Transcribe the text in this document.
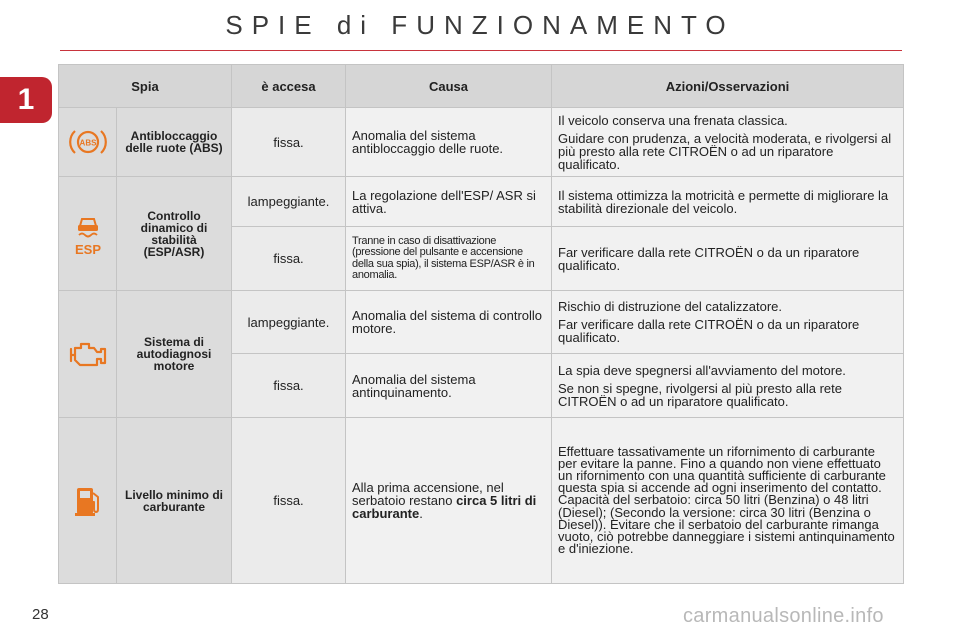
SPIE di FUNZIONAMENTO
1	Spia		è accesa	Causa	Azioni/Osservazioni

ABS	Antibloccaggio delle ruote (ABS)	fissa.	Anomalia del sistema antibloccaggio delle ruote.	Il veicolo conserva una frenata classica.

Guidare con prudenza, a velocità moderata, e rivolgersi al più presto alla rete CITROËN o ad un riparatore qualificato.

ESP	Controllo dinamico di stabilità (ESP/ASR)	lampeggiante.	La regolazione dell'ESP/ ASR si attiva.	Il sistema ottimizza la motricità e permette di migliorare la stabilità direzionale del veicolo.

		fissa.	Tranne in caso di disattivazione (pressione del pulsante e accensione della sua spia), il sistema ESP/ASR è in anomalia.	Far verificare dalla rete CITROËN o da un riparatore qualificato.

	Sistema di autodiagnosi motore	lampeggiante.	Anomalia del sistema di controllo motore.	Rischio di distruzione del catalizzatore.

Far verificare dalla rete CITROËN o da un riparatore qualificato.

		fissa.	Anomalia del sistema antinquinamento.	La spia deve spegnersi all'avviamento del motore.

Se non si spegne, rivolgersi al più presto alla rete CITROËN o ad un riparatore qualificato.

	Livello minimo di carburante	fissa.	Alla prima accensione, nel serbatoio restano circa 5 litri di carburante.	Effettuare tassativamente un rifornimento di carburante per evitare la panne. Fino a quando non viene effettuato un rifornimento con una quantità sufficiente di carburante questa spia si accende ad ogni inserimento del contatto. Capacità del serbatoio: circa 50 litri (Benzina) o 48 litri (Diesel); (Secondo la versione: circa 30 litri (Benzina o Diesel)). Evitare che il serbatoio del carburante rimanga vuoto, ciò potrebbe danneggiare i sistemi antinquinamento e d'iniezione.

28	carmanualsonline.info
